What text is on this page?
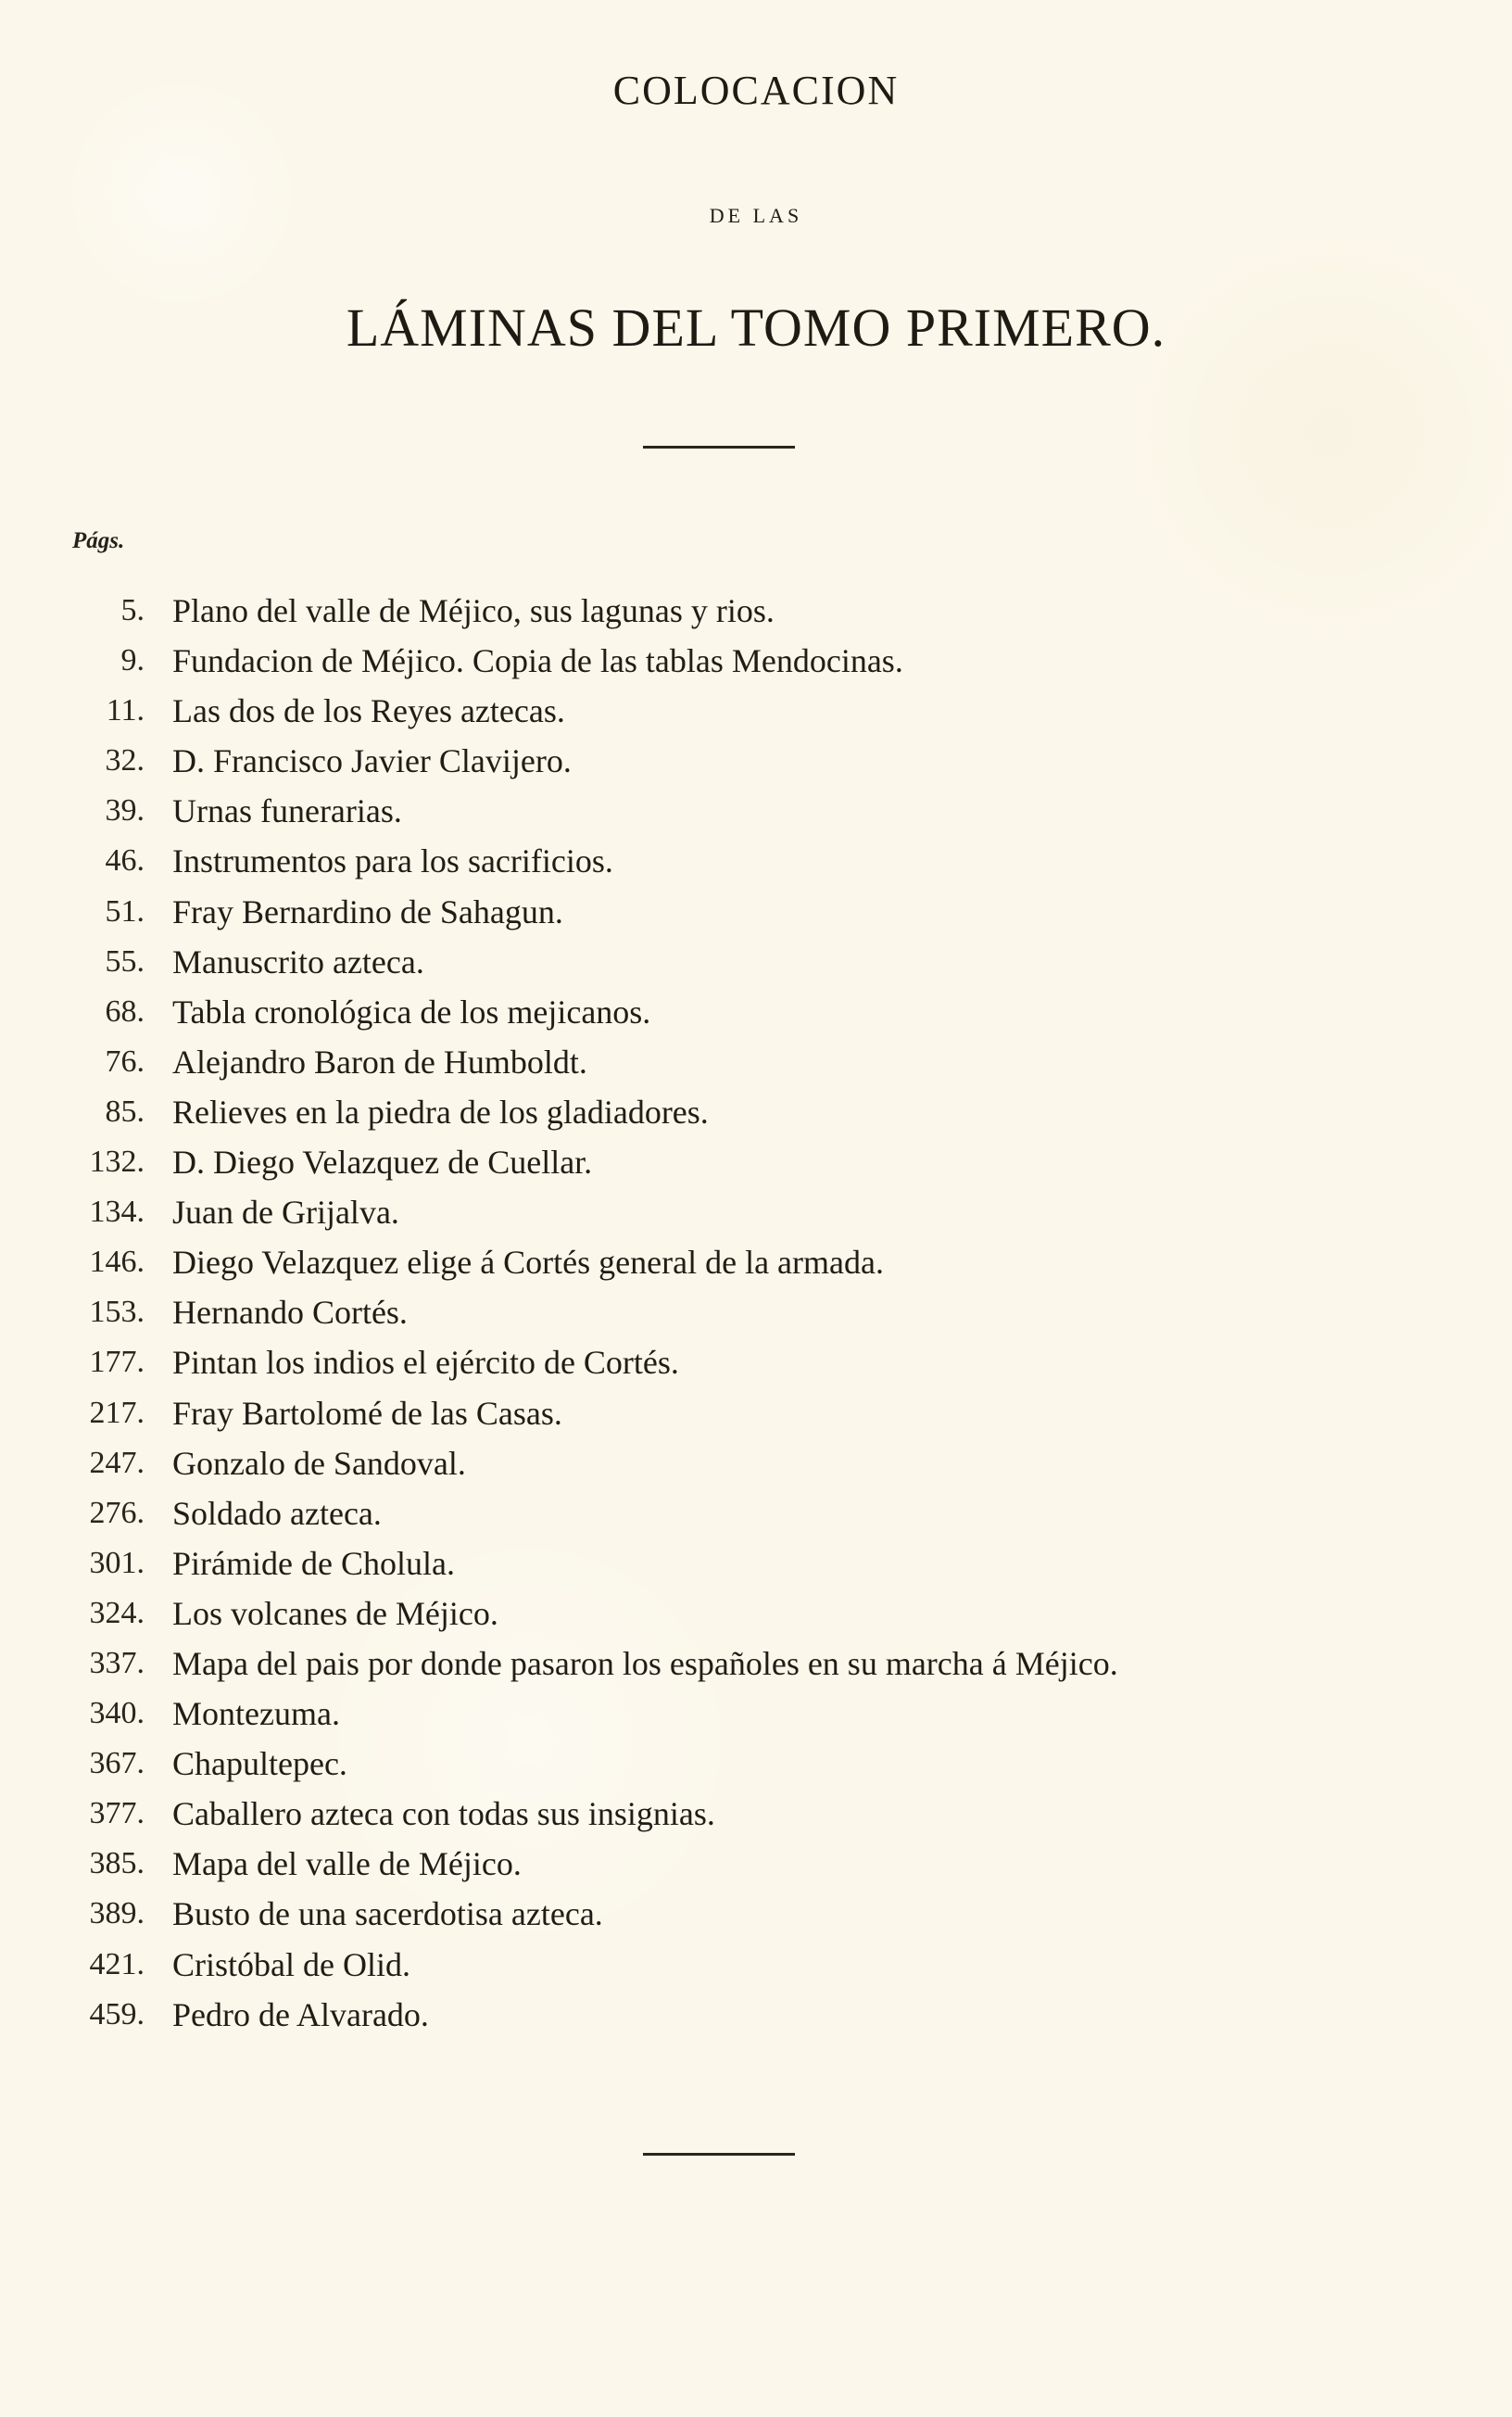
COLOCACION
DE LAS
LÁMINAS DEL TOMO PRIMERO.
Págs.
5. Plano del valle de Méjico, sus lagunas y rios.
9. Fundacion de Méjico. Copia de las tablas Mendocinas.
11. Las dos de los Reyes aztecas.
32. D. Francisco Javier Clavijero.
39. Urnas funerarias.
46. Instrumentos para los sacrificios.
51. Fray Bernardino de Sahagun.
55. Manuscrito azteca.
68. Tabla cronológica de los mejicanos.
76. Alejandro Baron de Humboldt.
85. Relieves en la piedra de los gladiadores.
132. D. Diego Velazquez de Cuellar.
134. Juan de Grijalva.
146. Diego Velazquez elige á Cortés general de la armada.
153. Hernando Cortés.
177. Pintan los indios el ejército de Cortés.
217. Fray Bartolomé de las Casas.
247. Gonzalo de Sandoval.
276. Soldado azteca.
301. Pirámide de Cholula.
324. Los volcanes de Méjico.
337. Mapa del pais por donde pasaron los españoles en su marcha á Méjico.
340. Montezuma.
367. Chapultepec.
377. Caballero azteca con todas sus insignias.
385. Mapa del valle de Méjico.
389. Busto de una sacerdotisa azteca.
421. Cristóbal de Olid.
459. Pedro de Alvarado.
